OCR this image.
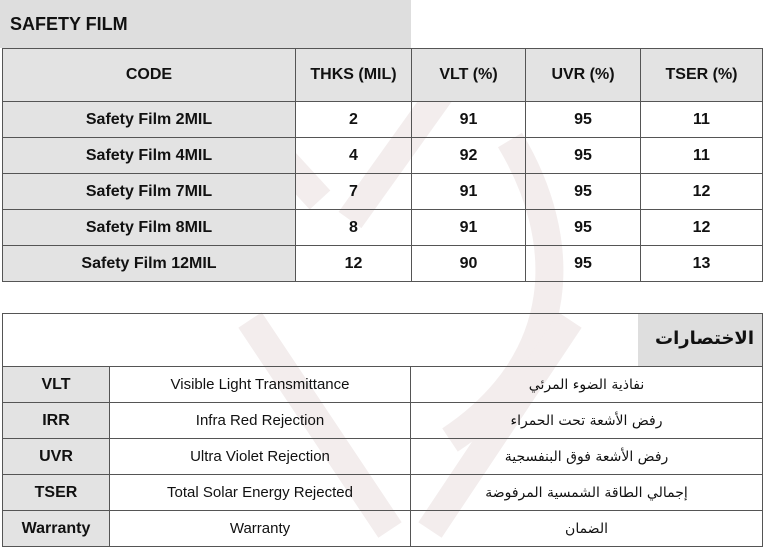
SAFETY FILM
CODE	THKS (MIL)	VLT (%)	UVR (%)	TSER (%)
Safety Film 2MIL	2	91	95	11
Safety Film 4MIL	4	92	95	11
Safety Film 7MIL	7	91	95	12
Safety Film 8MIL	8	91	95	12
Safety Film 12MIL	12	90	95	13
الاختصارات
VLT	Visible Light Transmittance	نفاذية الضوء المرئي
IRR	Infra Red Rejection	رفض الأشعة تحت الحمراء
UVR	Ultra Violet Rejection	رفض الأشعة فوق البنفسجية
TSER	Total Solar Energy Rejected	إجمالي الطاقة الشمسية المرفوضة
Warranty	Warranty	الضمان
